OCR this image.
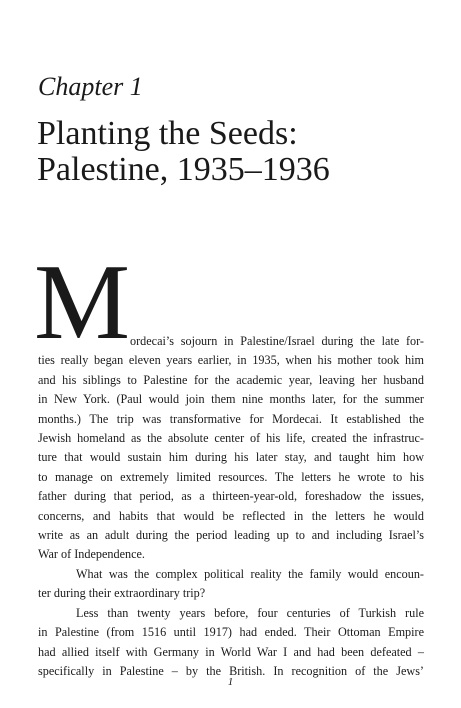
Chapter 1
Planting the Seeds:
Palestine, 1935–1936
M ordecai’s sojourn in Palestine/Israel during the late for-
ties really began eleven years earlier, in 1935, when his mother took him
and his siblings to Palestine for the academic year, leaving her husband
in New York. (Paul would join them nine months later, for the summer
months.) The trip was transformative for Mordecai. It established the
Jewish homeland as the absolute center of his life, created the infrastruc-
ture that would sustain him during his later stay, and taught him how
to manage on extremely limited resources. The letters he wrote to his
father during that period, as a thirteen-year-old, foreshadow the issues,
concerns, and habits that would be reflected in the letters he would
write as an adult during the period leading up to and including Israel’s
War of Independence.
What was the complex political reality the family would encoun-
ter during their extraordinary trip?
Less than twenty years before, four centuries of Turkish rule
in Palestine (from 1516 until 1917) had ended. Their Ottoman Empire
had allied itself with Germany in World War I and had been defeated –
specifically in Palestine – by the British. In recognition of the Jews’
1
